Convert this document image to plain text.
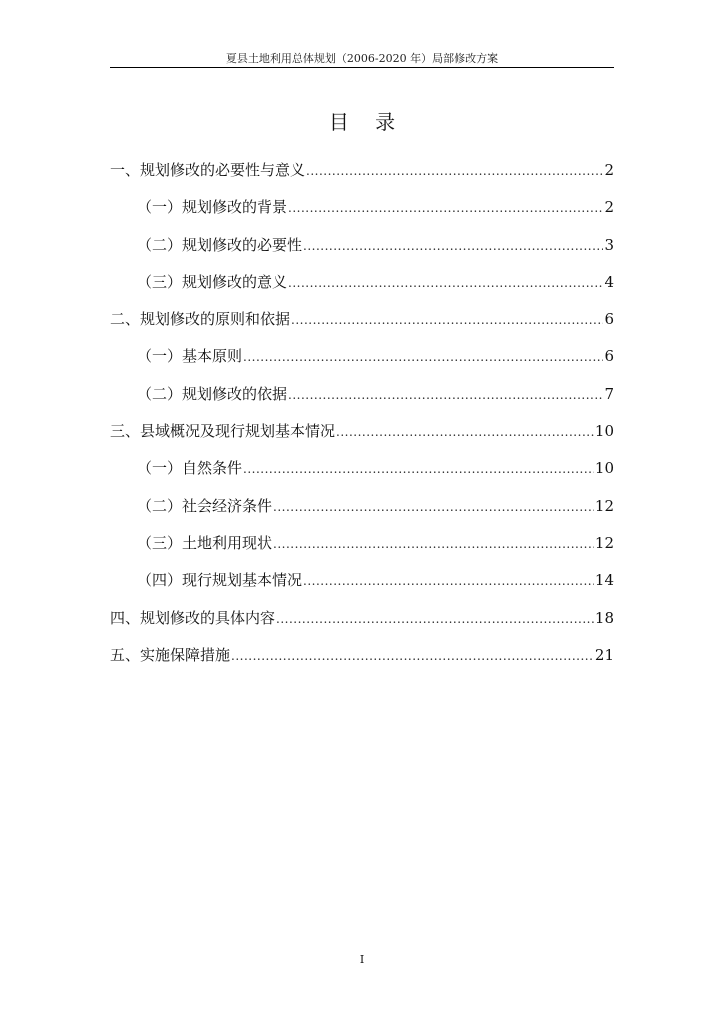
夏县土地利用总体规划（2006-2020 年）局部修改方案
目 录
一、规划修改的必要性与意义 .....	2
（一）规划修改的背景 .....	2
（二）规划修改的必要性 .....	3
（三）规划修改的意义 .....	4
二、规划修改的原则和依据 .....	6
（一）基本原则 .....	6
（二）规划修改的依据 .....	7
三、县域概况及现行规划基本情况 .....	10
（一）自然条件 .....	10
（二）社会经济条件 .....	12
（三）土地利用现状 .....	12
（四）现行规划基本情况 .....	14
四、规划修改的具体内容 .....	18
五、实施保障措施 .....	21
I
